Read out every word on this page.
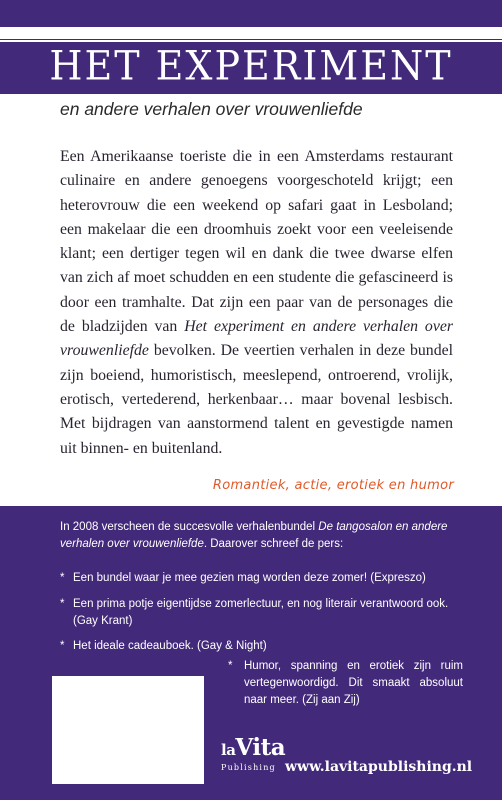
HET EXPERIMENT
en andere verhalen over vrouwenliefde

Een Amerikaanse toeriste die in een Amsterdams restaurant culinaire en andere genoegens voorgeschoteld krijgt; een heterovrouw die een weekend op safari gaat in Lesboland; een makelaar die een droomhuis zoekt voor een veeleisende klant; een dertiger tegen wil en dank die twee dwarse elfen van zich af moet schudden en een studente die gefascineerd is door een tramhalte. Dat zijn een paar van de personages die de bladzijden van Het experiment en andere verhalen over vrouwenliefde bevolken. De veertien verhalen in deze bundel zijn boeiend, humoristisch, meeslepend, ontroerend, vrolijk, erotisch, vertederend, herkenbaar… maar bovenal lesbisch. Met bijdragen van aanstormend talent en gevestigde namen uit binnen- en buitenland.

Romantiek, actie, erotiek en humor
In 2008 verscheen de succesvolle verhalenbundel De tangosalon en andere verhalen over vrouwenliefde. Daarover schreef de pers:
* Een bundel waar je mee gezien mag worden deze zomer! (Expreszo)
* Een prima potje eigentijdse zomerlectuur, en nog literair verantwoord ook. (Gay Krant)
* Het ideale cadeauboek. (Gay & Night)
*	Humor, spanning en erotiek zijn ruim vertegenwoordigd. Dit smaakt absoluut naar meer. (Zij aan Zij)
laVita
Publishing www.lavitapublishing.nl
